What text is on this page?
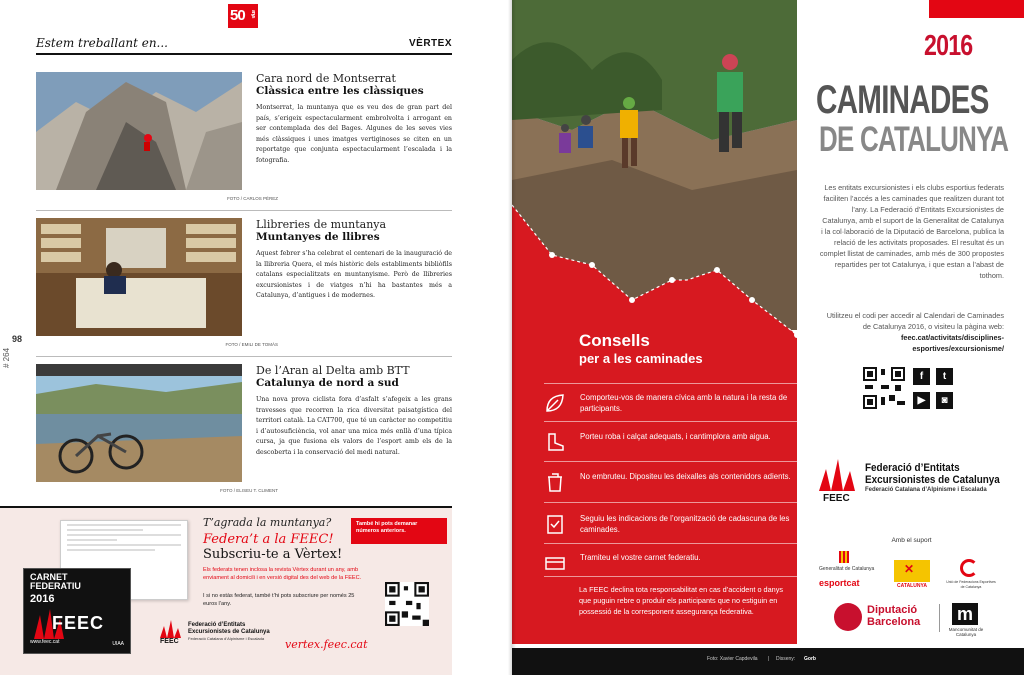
50 anys
Estem treballant en...	VÈRTEX
98
# 264
FOTO / CARLOS PÉREZ
Cara nord de Montserrat
Clàssica entre les clàssiques

Montserrat, la muntanya que es veu des de gran part del país, s’erigeix espectacularment embrolvolta i arrogant en ser contemplada des del Bages. Algunes de les seves vies més clàssiques i unes imatges vertiginoses se citen en un reportatge que conjunta espectacularment l’escalada i la fotografia.

FOTO / EMILI DE TOMÀS
Llibreries de muntanya
Muntanyes de llibres

Aquest febrer s’ha celebrat el centenari de la inauguració de la llibreria Quera, el més històric dels establiments bibliòfils catalans especialitzats en muntanyisme. Però de llibreries excursionistes i de viatges n’hi ha bastantes més a Catalunya, d’antigues i de modernes.

FOTO / ELISEU T. CLIMENT
De l’Aran al Delta amb BTT
Catalunya de nord a sud

Una nova prova ciclista fora d’asfalt s’afegeix a les grans travesses que recorren la rica diversitat paisatgística del territori català. La CAT700, que té un caràcter no competitiu i d’autosuficiència, vol anar una mica més enllà d’una típica cursa, ja que fusiona els valors de l’esport amb els de la descoberta i la conservació del medi natural.

CARNET
FEDERATIU
2016
FEEC
www.feec.cat	UIAA
T’agrada la muntanya?
Federa’t a la FEEC!
Subscriu-te a Vèrtex!
Els federats tenen inclosa la revista Vèrtex durant un any, amb enviament al domicili i en versió digital des del web de la FEEC.
I si no estàs federat, també t’hi pots subscriure per només 25 euros l’any.
També hi pots demanar números anteriors.
Federació d’Entitats
Excursionistes de Catalunya
Federació Catalana d’Alpinisme i Escalada
FEEC	vertex.feec.cat
Consells
per a les caminades
Comporteu-vos de manera cívica amb la natura i la resta de participants.
Porteu roba i calçat adequats, i cantimplora amb aigua.
No embruteu. Dipositeu les deixalles als contenidors adients.
Seguiu les indicacions de l’organització de cadascuna de les caminades.
Tramiteu el vostre carnet federatiu.
La FEEC declina tota responsabilitat en cas d’accident o danys que puguin rebre o produir els participants que no estiguin en possessió de la corresponent assegurança federativa.
2016
CAMINADES
DE CATALUNYA
Les entitats excursionistes i els clubs esportius federats faciliten l’accés a les caminades que realitzen durant tot l’any. La Federació d’Entitats Excursionistes de Catalunya, amb el suport de la Generalitat de Catalunya i la col·laboració de la Diputació de Barcelona, publica la relació de les activitats proposades. El resultat és un complet llistat de caminades, amb més de 300 propostes repartides per tot Catalunya, i que estan a l’abast de tothom.
Utilitzeu el codi per accedir al Calendari de Caminades de Catalunya 2016, o visiteu la pàgina web: feec.cat/activitats/disciplines-esportives/excursionisme/
f	t
▶	◙
Federació d’Entitats
Excursionistes de Catalunya
Federació Catalana d’Alpinisme i Escalada
FEEC
Amb el suport
Generalitat de Catalunya
esportcat
✕
CATALUNYA
Unió de Federacions Esportives de Catalunya
Diputació
Barcelona m
Mancomunitat de Catalunya
Foto: Xavier Capdevila | Disseny: Gorb
